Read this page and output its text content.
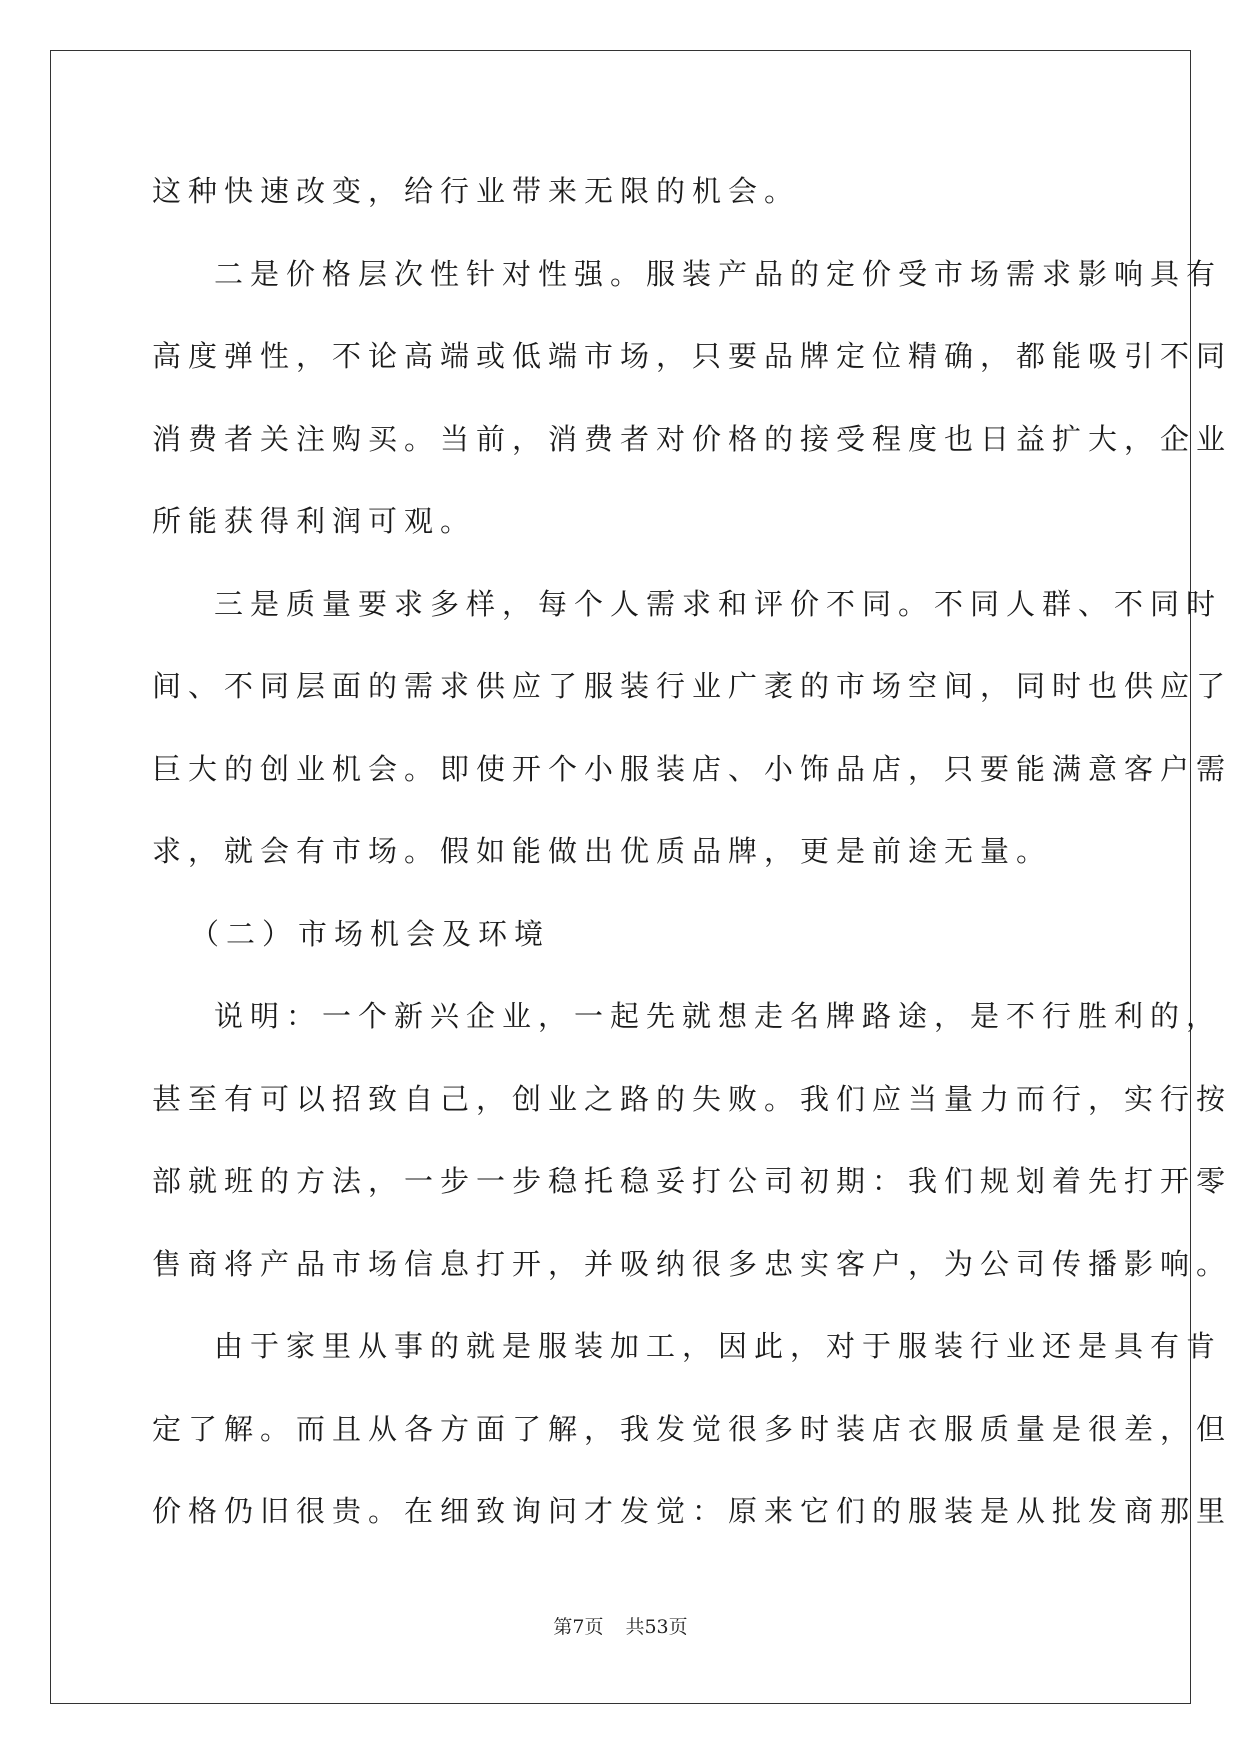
这种快速改变，给行业带来无限的机会。
二是价格层次性针对性强。服装产品的定价受市场需求影响具有
高度弹性，不论高端或低端市场，只要品牌定位精确，都能吸引不同
消费者关注购买。当前，消费者对价格的接受程度也日益扩大，企业
所能获得利润可观。
三是质量要求多样，每个人需求和评价不同。不同人群、不同时
间、不同层面的需求供应了服装行业广袤的市场空间，同时也供应了
巨大的创业机会。即使开个小服装店、小饰品店，只要能满意客户需
求，就会有市场。假如能做出优质品牌，更是前途无量。
（二）市场机会及环境
说明：一个新兴企业，一起先就想走名牌路途，是不行胜利的，
甚至有可以招致自己，创业之路的失败。我们应当量力而行，实行按
部就班的方法，一步一步稳托稳妥打公司初期：我们规划着先打开零
售商将产品市场信息打开，并吸纳很多忠实客户，为公司传播影响。
由于家里从事的就是服装加工，因此，对于服装行业还是具有肯
定了解。而且从各方面了解，我发觉很多时装店衣服质量是很差，但
价格仍旧很贵。在细致询问才发觉：原来它们的服装是从批发商那里
第7页 共53页
